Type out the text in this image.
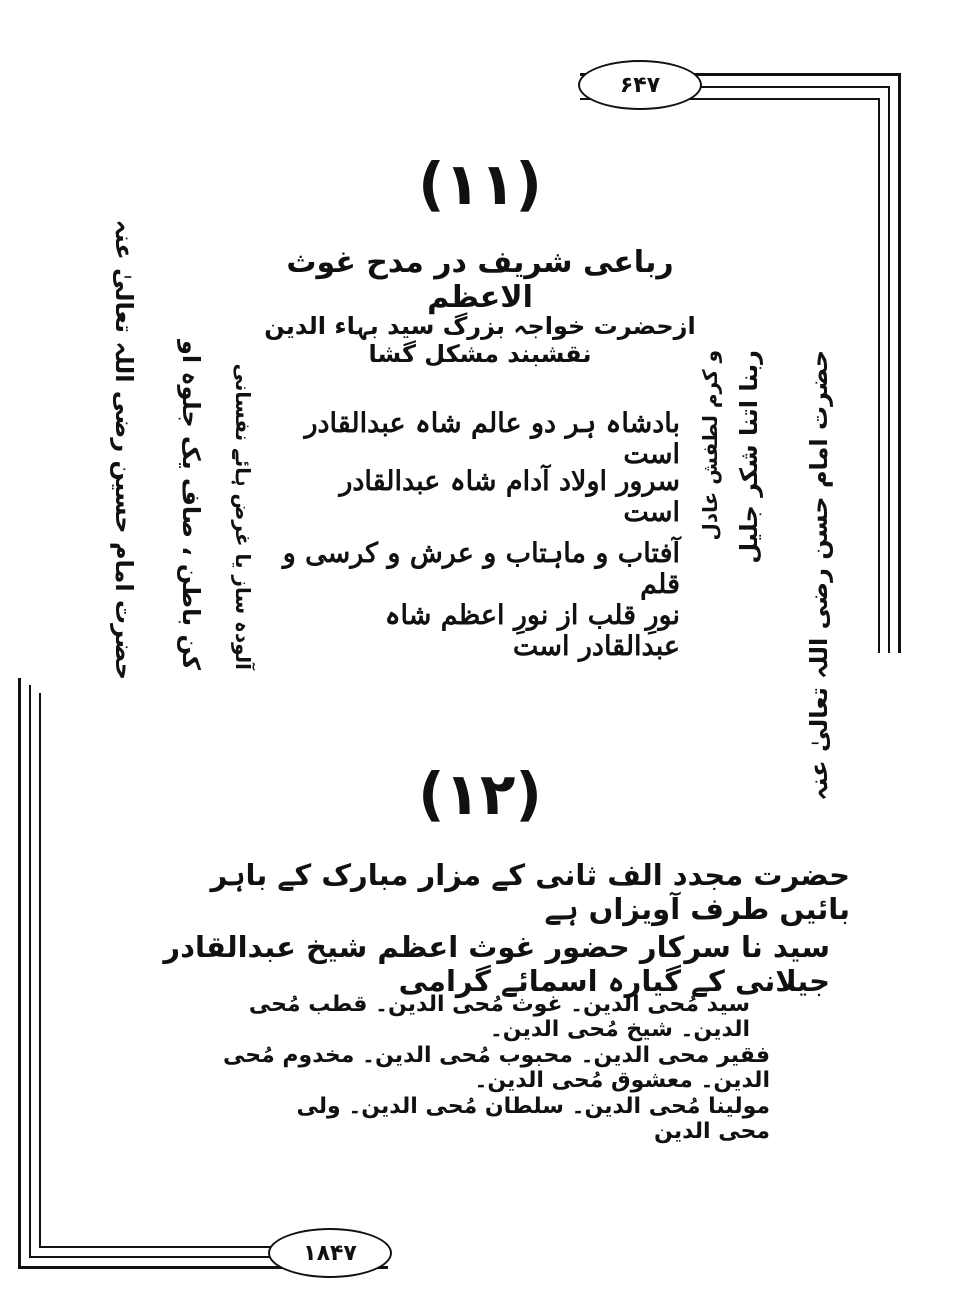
۶۴۷
(۱۱)
رباعی شریف در مدح غوث الاعظم
ازحضرت خواجہ بزرگ سید بہاء الدین نقشبند مشکل گشا
بادشاہ ہر دو عالم شاہ عبدالقادر است
سرور اولاد آدام شاہ عبدالقادر است
آفتاب و ماہتاب و عرش و کرسی و قلم
نورِ قلب از نورِ اعظم شاہ عبدالقادر است
حضرت امام حسین رضی اللہ تعالیٰ عنہ کن باطن ، صاف یک جلوہ او آلودہ ساز یا غرض ہائے نفسانی	حضرت امام حسن رضی اللہ تعالیٰ عنہ
ربنا اتنا شکر جلیل
و کرم لطفش عادل
۱۸۴۷
(۱۲)
حضرت مجدد الف ثانی کے مزار مبارک کے باہر بائیں طرف آویزاں ہے
سید نا سرکار حضور غوث اعظم شیخ عبدالقادر جیلانی کے گیارہ اسمائے گرامی
سید مُحی الدین۔ غوث مُحی الدین۔ قطب مُحی الدین۔ شیخ مُحی الدین۔
فقیر محی الدین۔ محبوب مُحی الدین۔ مخدوم مُحی الدین۔ معشوق مُحی الدین۔
مولینا مُحی الدین۔ سلطان مُحی الدین۔ ولی محی الدین
